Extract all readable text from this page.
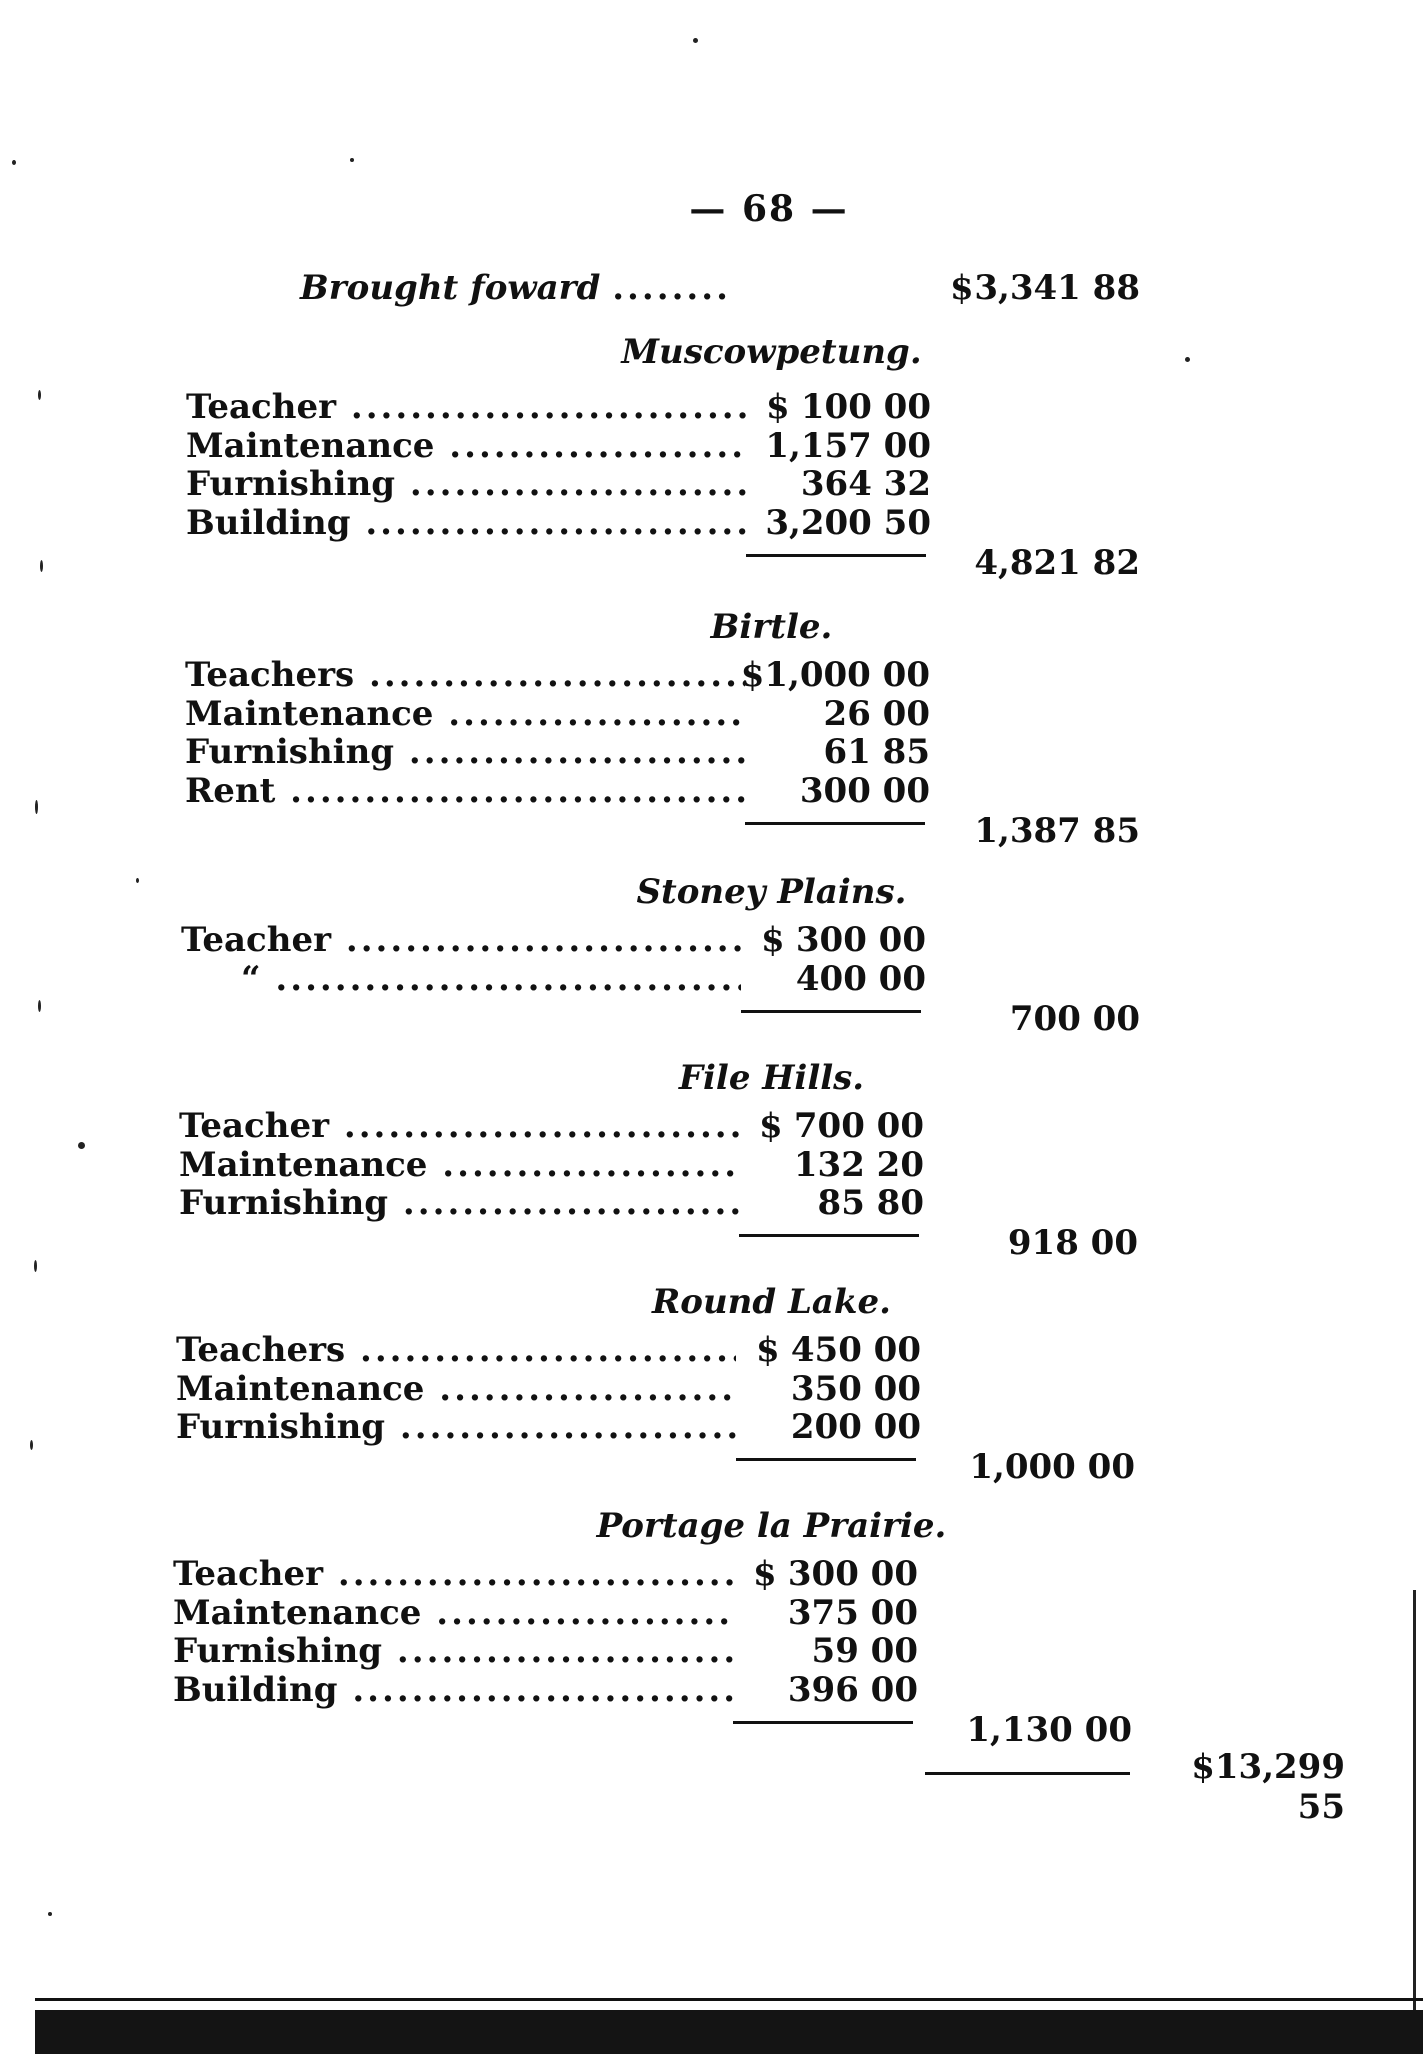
— 68 —
Brought foward ........	$ 3,341 88
Muscowpetung.
Teacher .....	$ 100 00
Maintenance .....	1,157 00
Furnishing .....	364 32
Building .....	3,200 50
4,821 82
Birtle.
Teachers .....	$1,000 00
Maintenance .....	26 00
Furnishing .....	61 85
Rent .....	300 00
1,387 85
Stoney Plains.
Teacher .....	$ 300 00
“ .....	400 00
700 00
File Hills.
Teacher .....	$ 700 00
Maintenance .....	132 20
Furnishing .....	85 80
918 00
Round Lake.
Teachers .....	$ 450 00
Maintenance .....	350 00
Furnishing .....	200 00
1,000 00
Portage la Prairie.
Teacher .....	$ 300 00
Maintenance .....	375 00
Furnishing .....	59 00
Building .....	396 00
1,130 00
$13,299 55
